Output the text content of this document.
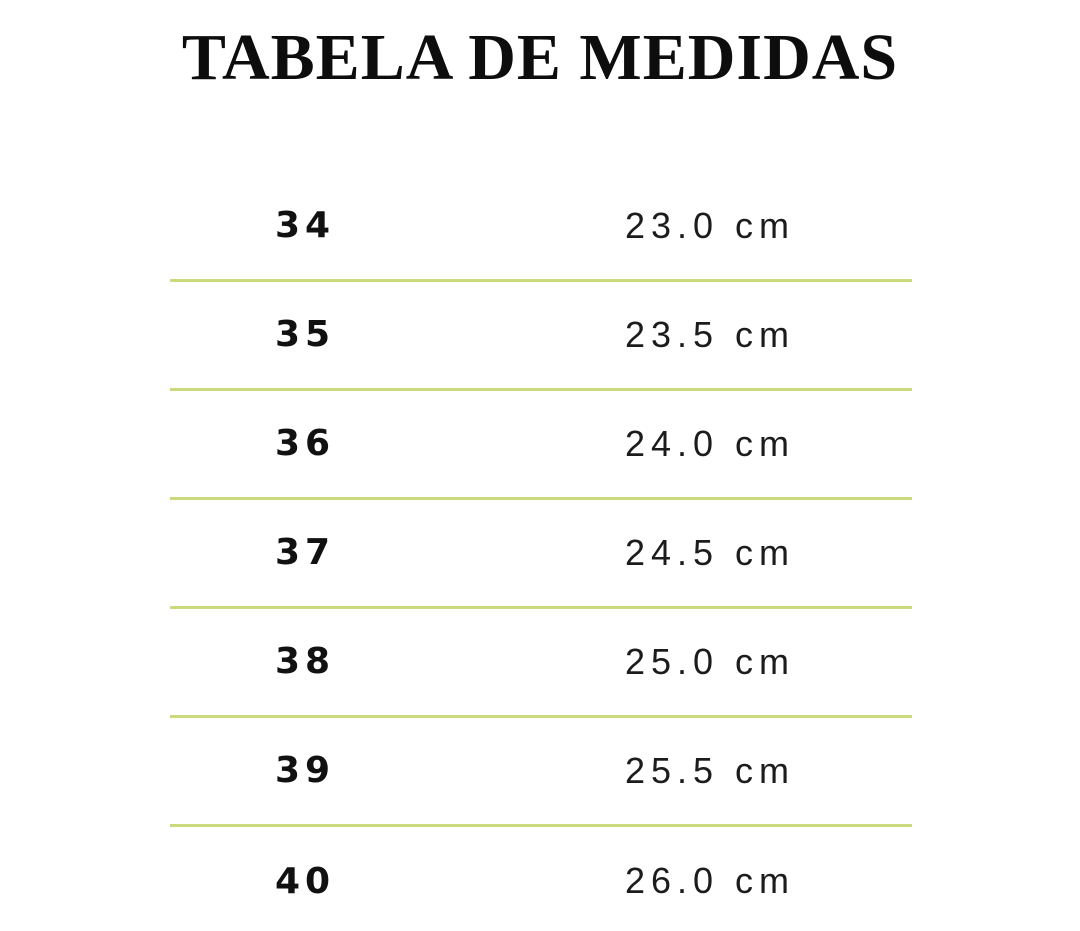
TABELA DE MEDIDAS
34	23.0 cm
35	23.5 cm
36	24.0 cm
37	24.5 cm
38	25.0 cm
39	25.5 cm
40	26.0 cm
